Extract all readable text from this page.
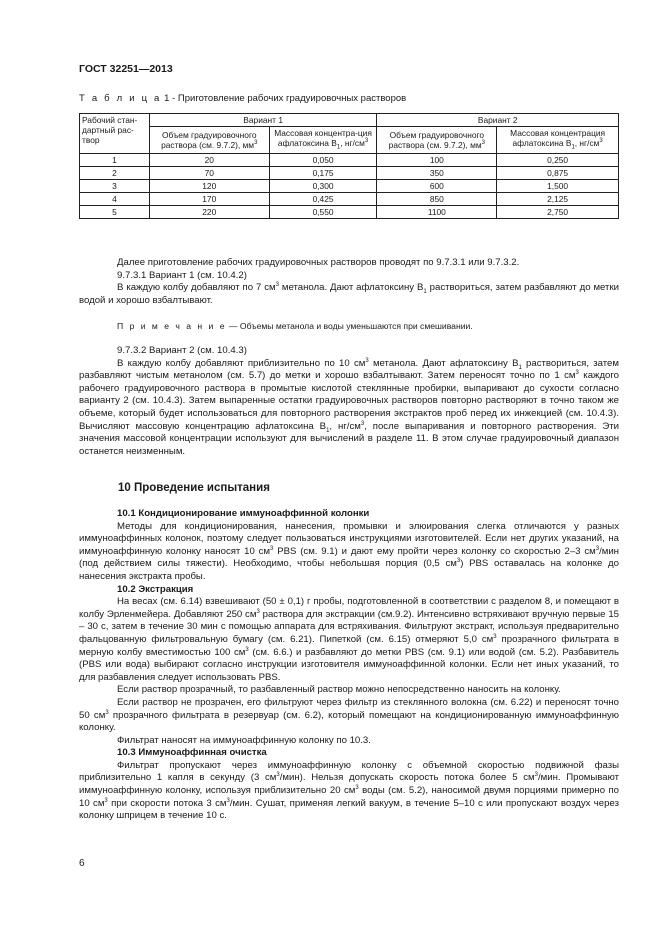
ГОСТ 32251—2013
Т а б л и ц а 1 - Приготовление рабочих градуировочных растворов
Рабочий стан-дартный рас-твор	Вариант 1		Вариант 2	
	Объем градуировочного раствора (см. 9.7.2), $мм^3$	Массовая концентра-ция афлатоксина $B_1$, $нг/см^3$	Объем градуировочного раствора (см. 9.7.2), $мм^3$	Массовая концентрация афлатоксина $B_1$, $нг/см^3$
1	20	0,050	100	0,250
2	70	0,175	350	0,875
3	120	0,300	600	1,500
4	170	0,425	850	2,125
5	220	0,550	1100	2,750

Далее приготовление рабочих градуировочных растворов проводят по 9.7.3.1 или 9.7.3.2.

9.7.3.1 Вариант 1 (см. 10.4.2)

В каждую колбу добавляют по 7 $см^3$ метанола. Дают афлатоксину $B_1$ раствориться, затем разбавляют до метки водой и хорошо взбалтывают.

П р и м е ч а н и е — Объемы метанола и воды уменьшаются при смешивании.

9.7.3.2 Вариант 2 (см. 10.4.3)

В каждую колбу добавляют приблизительно по 10 $см^3$ метанола. Дают афлатоксину $B_1$ раствориться, затем разбавляют чистым метанолом (см. 5.7) до метки и хорошо взбалтывают. Затем переносят точно по 1 $см^3$ каждого рабочего градуировочного раствора в промытые кислотой стеклянные пробирки, выпаривают до сухости согласно варианту 2 (см. 10.4.3). Затем выпаренные остатки градуировочных растворов повторно растворяют в точно таком же объеме, который будет использоваться для повторного растворения экстрактов проб перед их инжекцией (см. 10.4.3). Вычисляют массовую концентрацию афлатоксина $B_1$, $нг/см^3$, после выпаривания и повторного растворения. Эти значения массовой концентрации используют для вычислений в разделе 11. В этом случае градуировочный диапазон останется неизменным.

10 Проведение испытания

10.1 Кондиционирование иммуноаффинной колонки

Методы для кондиционирования, нанесения, промывки и элюирования слегка отличаются у разных иммуноаффинных колонок, поэтому следует пользоваться инструкциями изготовителей. Если нет других указаний, на иммуноаффинную колонку наносят 10 $см^3$ PBS (см. 9.1) и дают ему пройти через колонку со скоростью 2–3 $см^3$/мин (под действием силы тяжести). Необходимо, чтобы небольшая порция (0,5 $см^3$) PBS оставалась на колонке до нанесения экстракта пробы.

10.2 Экстракция

На весах (см. 6.14) взвешивают (50 ± 0,1) г пробы, подготовленной в соответствии с разделом 8, и помещают в колбу Эрленмейера. Добавляют 250 $см^3$ раствора для экстракции (см.9.2). Интенсивно встряхивают вручную первые 15 – 30 с, затем в течение 30 мин с помощью аппарата для встряхивания. Фильтруют экстракт, используя предварительно фальцованную фильтровальную бумагу (см. 6.21). Пипеткой (см. 6.15) отмеряют 5,0 $см^3$ прозрачного фильтрата в мерную колбу вместимостью 100 $см^3$ (см. 6.6.) и разбавляют до метки PBS (см. 9.1) или водой (см. 5.2). Разбавитель (PBS или вода) выбирают согласно инструкции изготовителя иммуноаффинной колонки. Если нет иных указаний, то для разбавления следует использовать PBS.

Если раствор прозрачный, то разбавленный раствор можно непосредственно наносить на колонку.

Если раствор не прозрачен, его фильтруют через фильтр из стеклянного волокна (см. 6.22) и переносят точно 50 $см^3$ прозрачного фильтрата в резервуар (см. 6.2), который помещают на кондиционированную иммуноаффинную колонку.

Фильтрат наносят на иммуноаффинную колонку по 10.3.

10.3 Иммуноаффинная очистка

Фильтрат пропускают через иммуноаффинную колонку с объемной скоростью подвижной фазы приблизительно 1 капля в секунду (3 $см^3/мин$). Нельзя допускать скорость потока более 5 $см^3$/мин. Промывают иммуноаффинную колонку, используя приблизительно 20 $см^3$ воды (см. 5.2), наносимой двумя порциями примерно по 10 $см^3$ при скорости потока 3 $см^3$/мин. Сушат, применяя легкий вакуум, в течение 5–10 с или пропускают воздух через колонку шприцем в течение 10 с.

6
